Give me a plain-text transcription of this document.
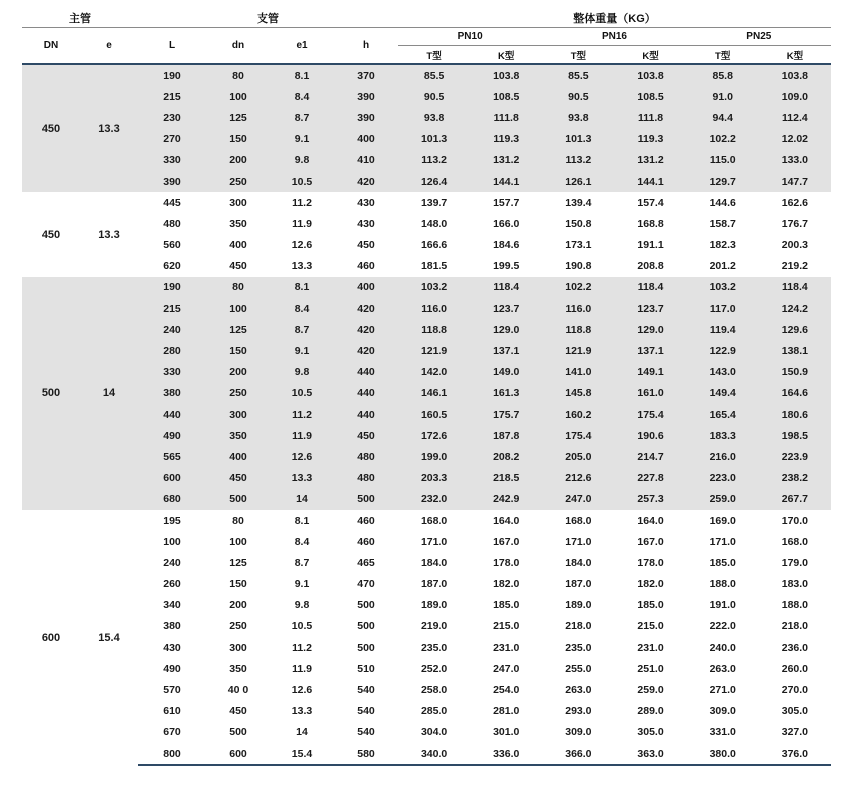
主管		支管				整体重量（KG）					
DN	e	L	dn	e1	h	PN10		PN16		PN25	
						T型	K型	T型	K型	T型	K型
450	13.3	190	80	8.1	370	85.5	103.8	85.5	103.8	85.8	103.8
		215	100	8.4	390	90.5	108.5	90.5	108.5	91.0	109.0
		230	125	8.7	390	93.8	111.8	93.8	111.8	94.4	112.4
		270	150	9.1	400	101.3	119.3	101.3	119.3	102.2	12.02
		330	200	9.8	410	113.2	131.2	113.2	131.2	115.0	133.0
		390	250	10.5	420	126.4	144.1	126.1	144.1	129.7	147.7
450	13.3	445	300	11.2	430	139.7	157.7	139.4	157.4	144.6	162.6
		480	350	11.9	430	148.0	166.0	150.8	168.8	158.7	176.7
		560	400	12.6	450	166.6	184.6	173.1	191.1	182.3	200.3
		620	450	13.3	460	181.5	199.5	190.8	208.8	201.2	219.2
500	14	190	80	8.1	400	103.2	118.4	102.2	118.4	103.2	118.4
		215	100	8.4	420	116.0	123.7	116.0	123.7	117.0	124.2
		240	125	8.7	420	118.8	129.0	118.8	129.0	119.4	129.6
		280	150	9.1	420	121.9	137.1	121.9	137.1	122.9	138.1
		330	200	9.8	440	142.0	149.0	141.0	149.1	143.0	150.9
		380	250	10.5	440	146.1	161.3	145.8	161.0	149.4	164.6
		440	300	11.2	440	160.5	175.7	160.2	175.4	165.4	180.6
		490	350	11.9	450	172.6	187.8	175.4	190.6	183.3	198.5
		565	400	12.6	480	199.0	208.2	205.0	214.7	216.0	223.9
		600	450	13.3	480	203.3	218.5	212.6	227.8	223.0	238.2
		680	500	14	500	232.0	242.9	247.0	257.3	259.0	267.7
600	15.4	195	80	8.1	460	168.0	164.0	168.0	164.0	169.0	170.0
		100	100	8.4	460	171.0	167.0	171.0	167.0	171.0	168.0
		240	125	8.7	465	184.0	178.0	184.0	178.0	185.0	179.0
		260	150	9.1	470	187.0	182.0	187.0	182.0	188.0	183.0
		340	200	9.8	500	189.0	185.0	189.0	185.0	191.0	188.0
		380	250	10.5	500	219.0	215.0	218.0	215.0	222.0	218.0
		430	300	11.2	500	235.0	231.0	235.0	231.0	240.0	236.0
		490	350	11.9	510	252.0	247.0	255.0	251.0	263.0	260.0
		570	40 0	12.6	540	258.0	254.0	263.0	259.0	271.0	270.0
		610	450	13.3	540	285.0	281.0	293.0	289.0	309.0	305.0
		670	500	14	540	304.0	301.0	309.0	305.0	331.0	327.0
		800	600	15.4	580	340.0	336.0	366.0	363.0	380.0	376.0
